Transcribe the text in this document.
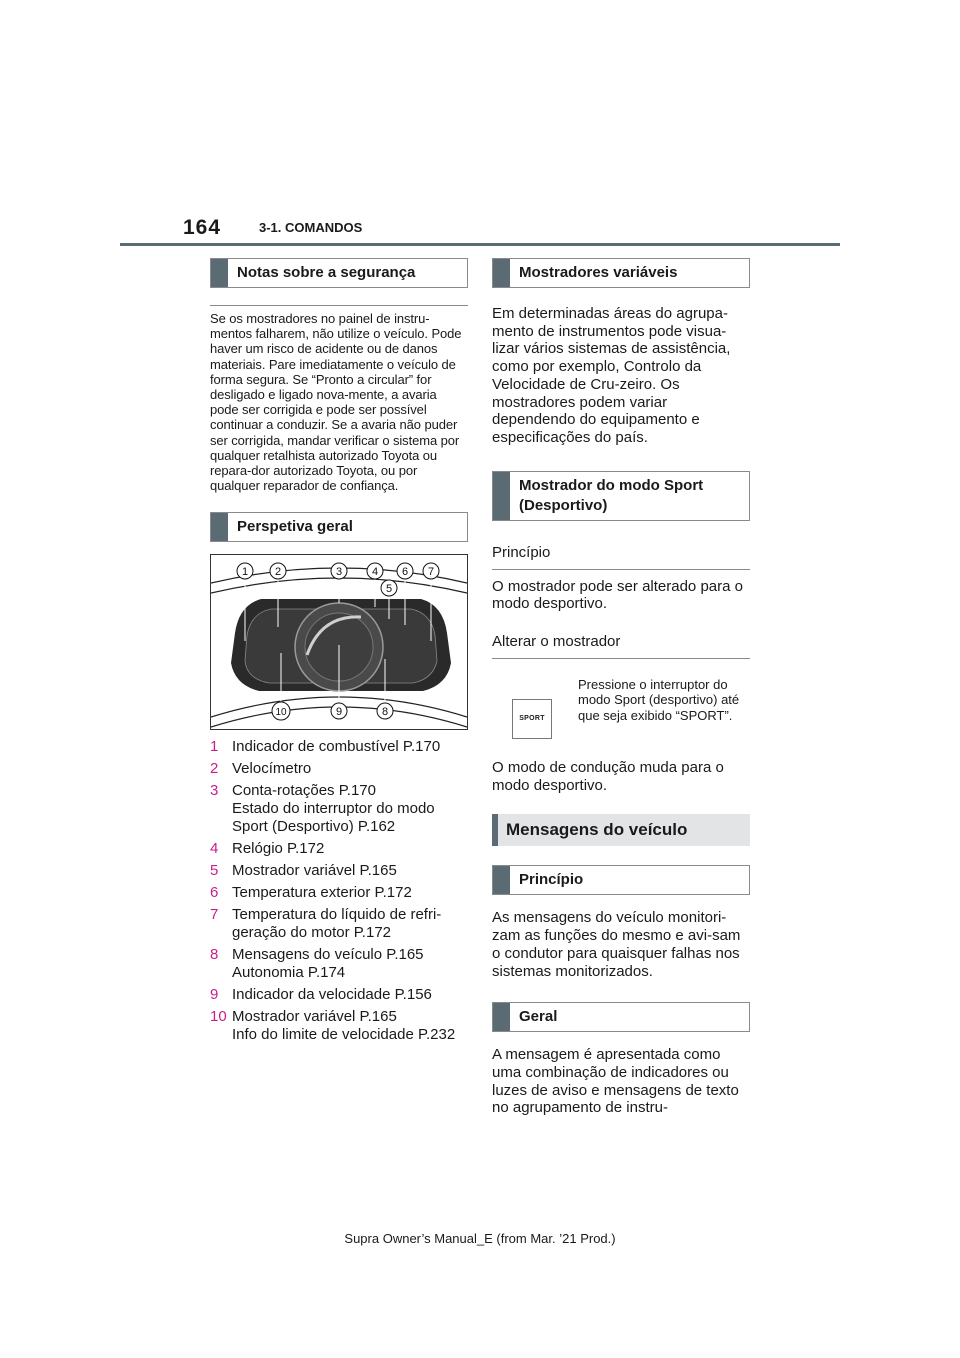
164	3-1. COMANDOS
Notas sobre a segurança
Se os mostradores no painel de instru-mentos falharem, não utilize o veículo. Pode haver um risco de acidente ou de danos materiais. Pare imediatamente o veículo de forma segura. Se “Pronto a circular” for desligado e ligado nova-mente, a avaria pode ser corrigida e pode ser possível continuar a conduzir. Se a avaria não puder ser corrigida, mandar verificar o sistema por qualquer retalhista autorizado Toyota ou repara-dor autorizado Toyota, ou por qualquer reparador de confiança.
Perspetiva geral
1 2	3	4
5
6 7
8
9
10
1 Indicador de combustível P.170
2 Velocímetro
3 Conta-rotações P.170
Estado do interruptor do modo Sport (Desportivo) P.162
4 Relógio P.172
5 Mostrador variável P.165
6 Temperatura exterior P.172
7 Temperatura do líquido de refri-geração do motor P.172
8 Mensagens do veículo P.165
Autonomia P.174
9 Indicador da velocidade P.156
10 Mostrador variável P.165
Info do limite de velocidade P.232
Mostradores variáveis
Em determinadas áreas do agrupa-mento de instrumentos pode visua-lizar vários sistemas de assistência, como por exemplo, Controlo da Velocidade de Cru-zeiro. Os mostradores podem variar dependendo do equipamento e especificações do país.
Mostrador do modo Sport (Desportivo)
Princípio
O mostrador pode ser alterado para o modo desportivo.
Alterar o mostrador
SPORT
Pressione o interruptor do modo Sport (desportivo) até que seja exibido “SPORT”.
O modo de condução muda para o modo desportivo.
Mensagens do veículo
Princípio
As mensagens do veículo monitori-zam as funções do mesmo e avi-sam o condutor para quaisquer falhas nos sistemas monitorizados.
Geral
A mensagem é apresentada como uma combinação de indicadores ou luzes de aviso e mensagens de texto no agrupamento de instru-
Supra Owner’s Manual_E (from Mar. ’21 Prod.)
